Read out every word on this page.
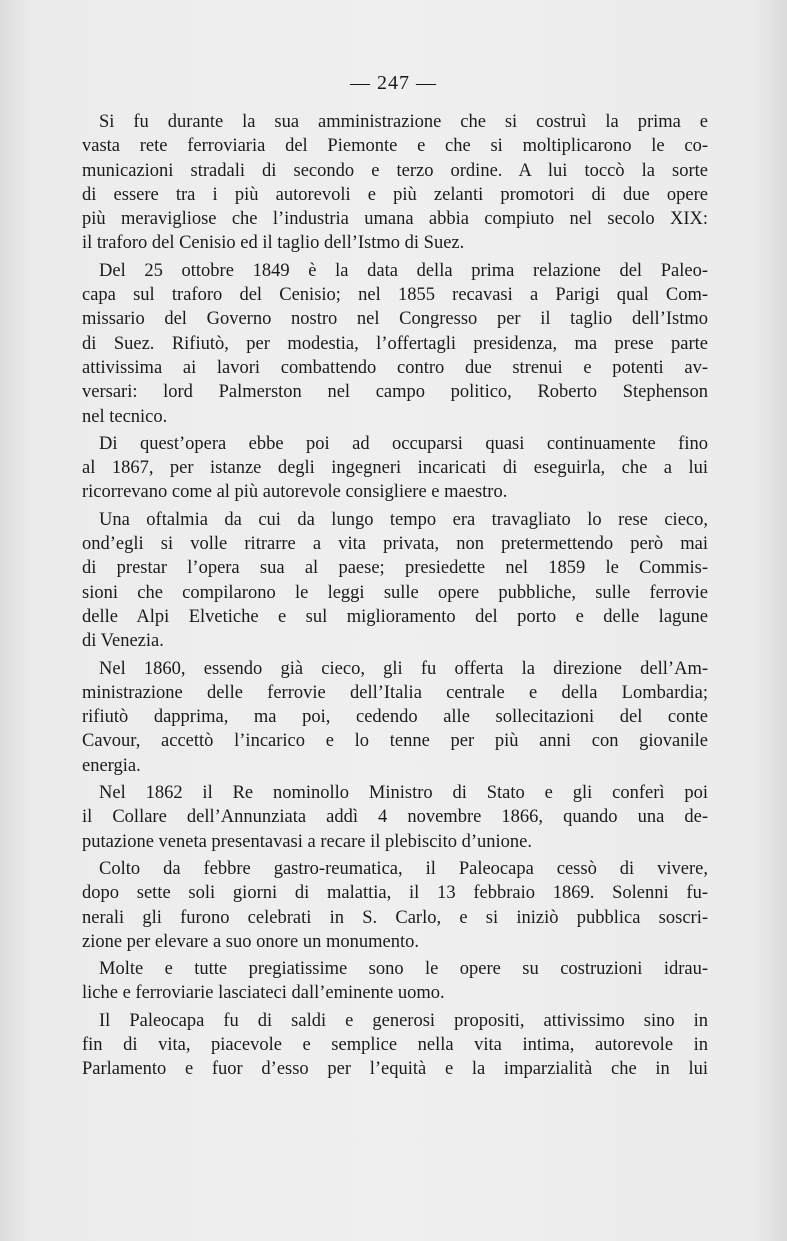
— 247 —
Si fu durante la sua amministrazione che si costruì la prima e
vasta rete ferroviaria del Piemonte e che si moltiplicarono le co-
municazioni stradali di secondo e terzo ordine. A lui toccò la sorte
di essere tra i più autorevoli e più zelanti promotori di due opere
più meravigliose che l’industria umana abbia compiuto nel secolo XIX:
il traforo del Cenisio ed il taglio dell’Istmo di Suez.
Del 25 ottobre 1849 è la data della prima relazione del Paleo-
capa sul traforo del Cenisio; nel 1855 recavasi a Parigi qual Com-
missario del Governo nostro nel Congresso per il taglio dell’Istmo
di Suez. Rifiutò, per modestia, l’offertagli presidenza, ma prese parte
attivissima ai lavori combattendo contro due strenui e potenti av-
versari: lord Palmerston nel campo politico, Roberto Stephenson
nel tecnico.
Di quest’opera ebbe poi ad occuparsi quasi continuamente fino
al 1867, per istanze degli ingegneri incaricati di eseguirla, che a lui
ricorrevano come al più autorevole consigliere e maestro.
Una oftalmia da cui da lungo tempo era travagliato lo rese cieco,
ond’egli si volle ritrarre a vita privata, non pretermettendo però mai
di prestar l’opera sua al paese; presiedette nel 1859 le Commis-
sioni che compilarono le leggi sulle opere pubbliche, sulle ferrovie
delle Alpi Elvetiche e sul miglioramento del porto e delle lagune
di Venezia.
Nel 1860, essendo già cieco, gli fu offerta la direzione dell’Am-
ministrazione delle ferrovie dell’Italia centrale e della Lombardia;
rifiutò dapprima, ma poi, cedendo alle sollecitazioni del conte
Cavour, accettò l’incarico e lo tenne per più anni con giovanile
energia.
Nel 1862 il Re nominollo Ministro di Stato e gli conferì poi
il Collare dell’Annunziata addì 4 novembre 1866, quando una de-
putazione veneta presentavasi a recare il plebiscito d’unione.
Colto da febbre gastro-reumatica, il Paleocapa cessò di vivere,
dopo sette soli giorni di malattia, il 13 febbraio 1869. Solenni fu-
nerali gli furono celebrati in S. Carlo, e si iniziò pubblica soscri-
zione per elevare a suo onore un monumento.
Molte e tutte pregiatissime sono le opere su costruzioni idrau-
liche e ferroviarie lasciateci dall’eminente uomo.
Il Paleocapa fu di saldi e generosi propositi, attivissimo sino in
fin di vita, piacevole e semplice nella vita intima, autorevole in
Parlamento e fuor d’esso per l’equità e la imparzialità che in lui
